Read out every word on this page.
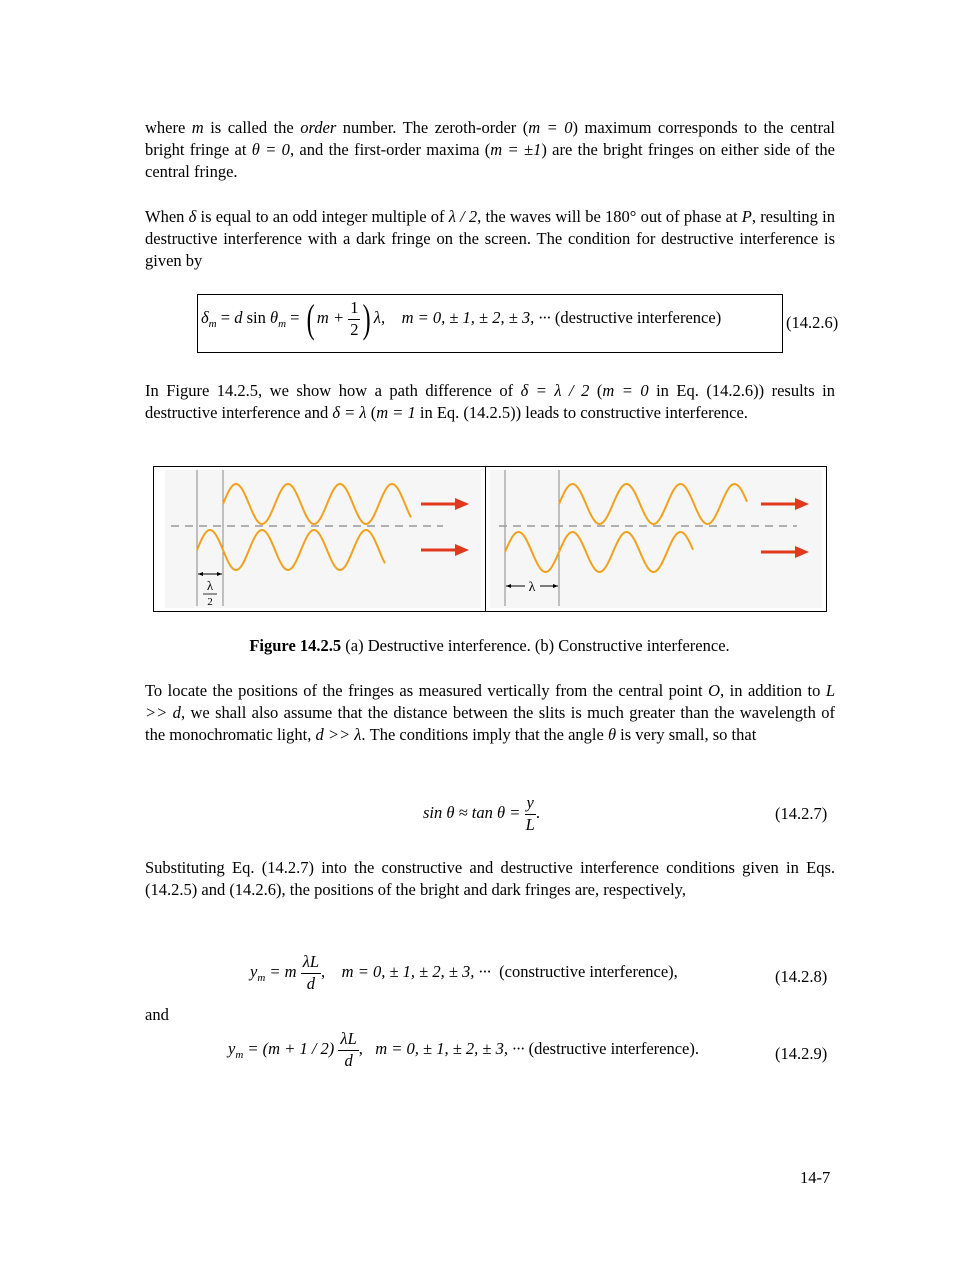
where m is called the order number. The zeroth-order (m = 0) maximum corresponds to the central bright fringe at θ = 0, and the first-order maxima (m = ±1) are the bright fringes on either side of the central fringe.

When δ is equal to an odd integer multiple of λ / 2, the waves will be 180° out of phase at P, resulting in destructive interference with a dark fringe on the screen. The condition for destructive interference is given by

$\delta_m = d$ $\sin \theta_m$ = ( $m + \frac{1}{2}$ ) λ, m = 0, ± 1, ± 2, ± 3, ··· (destructive interference)	(14.2.6)

In Figure 14.2.5, we show how a path difference of δ = λ / 2 (m = 0 in Eq. (14.2.6)) results in destructive interference and δ = λ (m = 1 in Eq. (14.2.5)) leads to constructive interference.

λ
2
λ
Figure 14.2.5 (a) Destructive interference. (b) Constructive interference.

To locate the positions of the fringes as measured vertically from the central point O, in addition to L >> d, we shall also assume that the distance between the slits is much greater than the wavelength of the monochromatic light, d >> λ. The conditions imply that the angle θ is very small, so that

$\sin \theta \approx \tan \theta = \frac{y}{L}$ .	(14.2.7)

Substituting Eq. (14.2.7) into the constructive and destructive interference conditions given in Eqs. (14.2.5) and (14.2.6), the positions of the bright and dark fringes are, respectively,

$y_m = m \frac{\lambda L}{d}$ , m = 0, ± 1, ± 2, ± 3, ··· (constructive interference),	(14.2.8)
and
$y_m = (m + 1 / 2) \frac{\lambda L}{d}$ , m = 0, ± 1, ± 2, ± 3, ··· (destructive interference).	(14.2.9)
14-7
